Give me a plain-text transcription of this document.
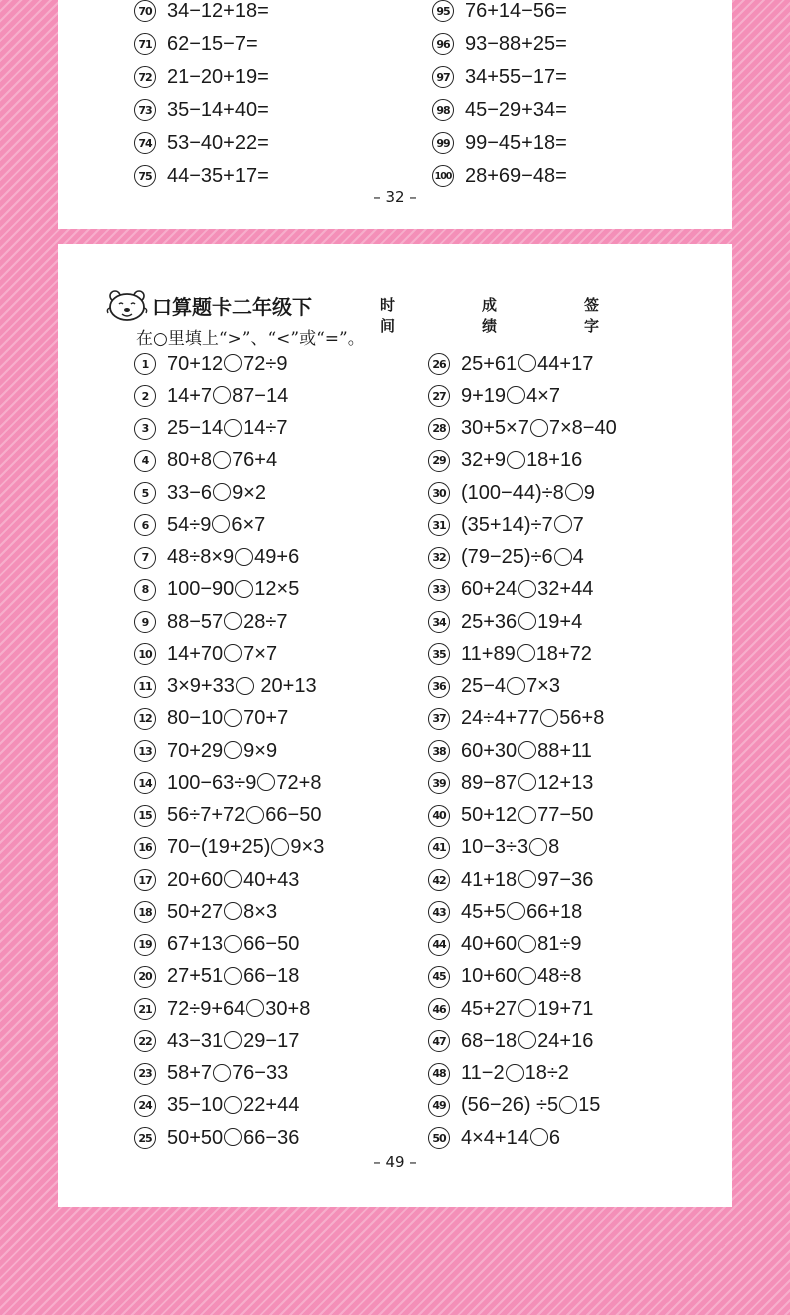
70 34−12+18=
71 62−15−7=
72 21−20+19=
73 35−14+40=
74 53−40+22=
75 44−35+17=
95 76+14−56=
96 93−88+25=
97 34+55−17=
98 45−29+34=
99 99−45+18=
100 28+69−48=
– 32 –
口算题卡二年级下	时间
成绩
签字
在○里填上“>”、“<”或“=”。
1 70+12 72÷9
2 14+7 87−14
3 25−14 14÷7
4 80+8 76+4
5 33−6 9×2
6 54÷9 6×7
7 48÷8×9 49+6
8 100−90 12×5
9 88−57 28÷7
10 14+70 7×7
11 3×9+33 20+13
12 80−10 70+7
13 70+29 9×9
14 100−63÷9 72+8
15 56÷7+72 66−50
16 70−(19+25) 9×3
17 20+60 40+43
18 50+27 8×3
19 67+13 66−50
20 27+51 66−18
21 72÷9+64 30+8
22 43−31 29−17
23 58+7 76−33
24 35−10 22+44
25 50+50 66−36
26 25+61 44+17
27 9+19 4×7
28 30+5×7 7×8−40
29 32+9 18+16
30 (100−44)÷8 9
31 (35+14)÷7 7
32 (79−25)÷6 4
33 60+24 32+44
34 25+36 19+4
35 11+89 18+72
36 25−4 7×3
37 24÷4+77 56+8
38 60+30 88+11
39 89−87 12+13
40 50+12 77−50
41 10−3÷3 8
42 41+18 97−36
43 45+5 66+18
44 40+60 81÷9
45 10+60 48÷8
46 45+27 19+71
47 68−18 24+16
48 11−2 18÷2
49 (56−26) ÷5 15
50 4×4+14 6
– 49 –
